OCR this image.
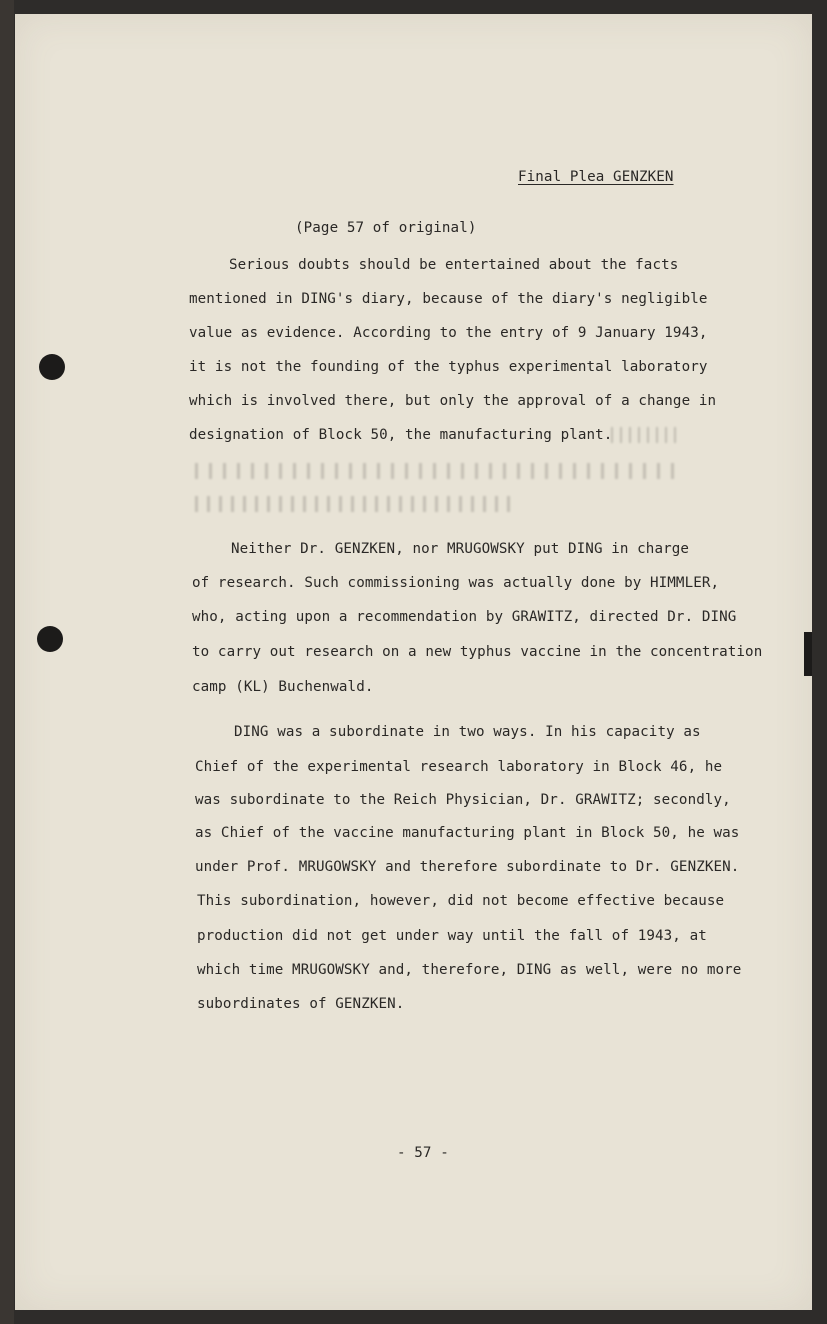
Final Plea GENZKEN
(Page 57 of original)
Serious doubts should be entertained about the facts
mentioned in DING's diary, because of the diary's negligible
value as evidence. According to the entry of 9 January 1943,
it is not the founding of the typhus experimental laboratory
which is involved there, but only the approval of a change in
designation of Block 50, the manufacturing plant.
Neither Dr. GENZKEN, nor MRUGOWSKY put DING in charge
of research. Such commissioning was actually done by HIMMLER,
who, acting upon a recommendation by GRAWITZ, directed Dr. DING
to carry out research on a new typhus vaccine in the concentration
camp (KL) Buchenwald.
DING was a subordinate in two ways. In his capacity as
Chief of the experimental research laboratory in Block 46, he
was subordinate to the Reich Physician, Dr. GRAWITZ; secondly,
as Chief of the vaccine manufacturing plant in Block 50, he was
under Prof. MRUGOWSKY and therefore subordinate to Dr. GENZKEN.
This subordination, however, did not become effective because
production did not get under way until the fall of 1943, at
which time MRUGOWSKY and, therefore, DING as well, were no more
subordinates of GENZKEN.
- 57 -
